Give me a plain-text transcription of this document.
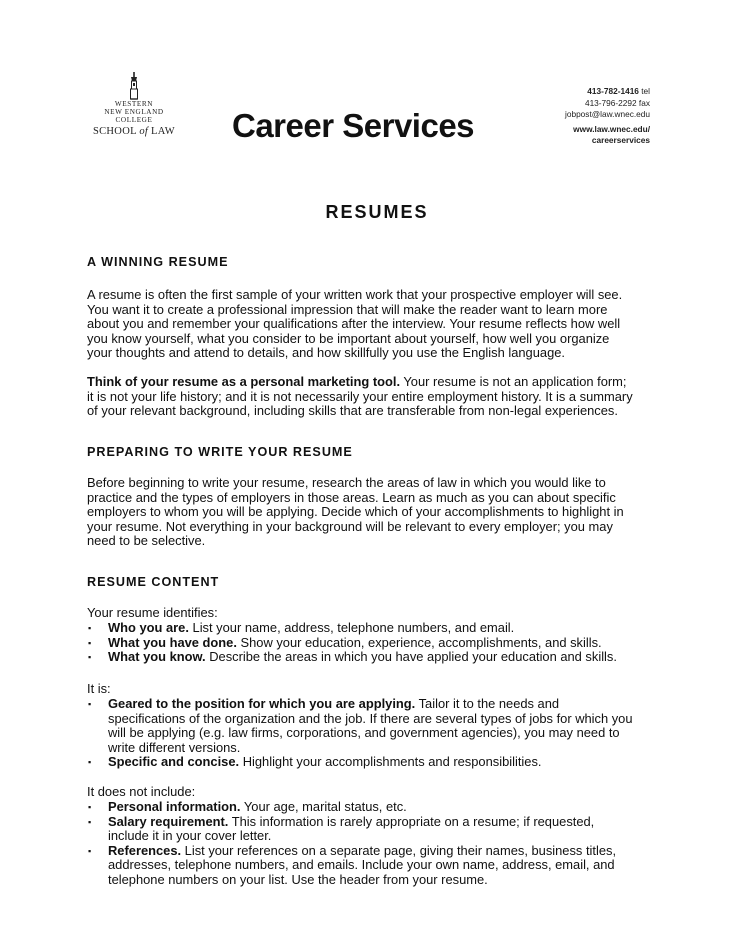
WESTERN
NEW ENGLAND
COLLEGE
SCHOOL of LAW Career Services
413-782-1416 tel
413-796-2292 fax
jobpost@law.wnec.edu
www.law.wnec.edu/
careerservices
RESUMES
A WINNING RESUME
A resume is often the first sample of your written work that your prospective employer will see.
You want it to create a professional impression that will make the reader want to learn more
about you and remember your qualifications after the interview. Your resume reflects how well
you know yourself, what you consider to be important about yourself, how well you organize
your thoughts and attend to details, and how skillfully you use the English language.
Think of your resume as a personal marketing tool. Your resume is not an application form;
it is not your life history; and it is not necessarily your entire employment history. It is a summary
of your relevant background, including skills that are transferable from non-legal experiences.
PREPARING TO WRITE YOUR RESUME
Before beginning to write your resume, research the areas of law in which you would like to
practice and the types of employers in those areas. Learn as much as you can about specific
employers to whom you will be applying. Decide which of your accomplishments to highlight in
your resume. Not everything in your background will be relevant to every employer; you may
need to be selective.
RESUME CONTENT
Your resume identifies:
▪ Who you are. List your name, address, telephone numbers, and email.
▪ What you have done. Show your education, experience, accomplishments, and skills.
▪ What you know. Describe the areas in which you have applied your education and skills.
It is:
▪ Geared to the position for which you are applying. Tailor it to the needs and
specifications of the organization and the job. If there are several types of jobs for which you
will be applying (e.g. law firms, corporations, and government agencies), you may need to
write different versions.
▪ Specific and concise. Highlight your accomplishments and responsibilities.
It does not include:
▪ Personal information. Your age, marital status, etc.
▪ Salary requirement. This information is rarely appropriate on a resume; if requested,
include it in your cover letter.
▪ References. List your references on a separate page, giving their names, business titles,
addresses, telephone numbers, and emails. Include your own name, address, email, and
telephone numbers on your list. Use the header from your resume.
